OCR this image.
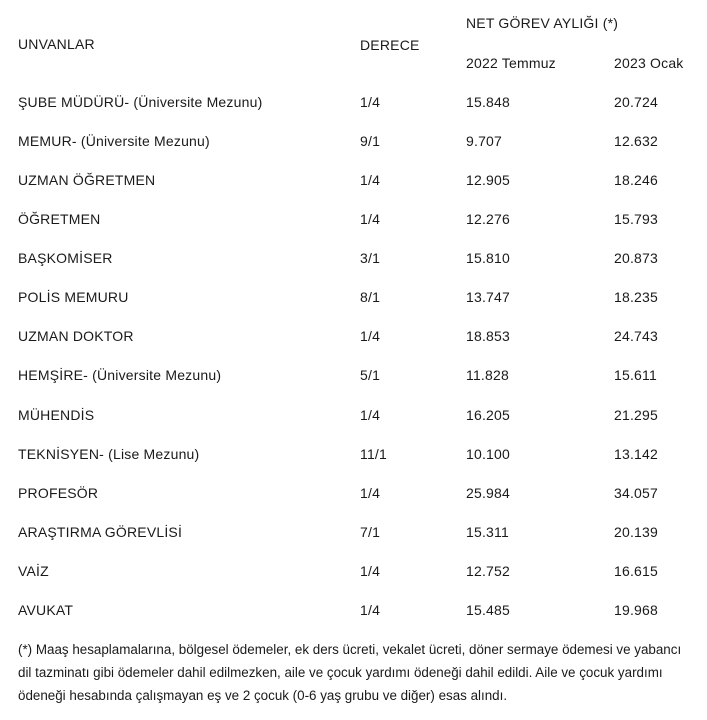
UNVANLAR	DERECE
NET GÖREV AYLIĞI (*)
2022 Temmuz	2023 Ocak
ŞUBE MÜDÜRÜ- (Üniversite Mezunu)	1/4	15.848	20.724
MEMUR- (Üniversite Mezunu)	9/1	9.707	12.632
UZMAN ÖĞRETMEN	1/4	12.905	18.246
ÖĞRETMEN	1/4	12.276	15.793
BAŞKOMİSER	3/1	15.810	20.873
POLİS MEMURU	8/1	13.747	18.235
UZMAN DOKTOR	1/4	18.853	24.743
HEMŞİRE- (Üniversite Mezunu)	5/1	11.828	15.611
MÜHENDİS	1/4	16.205	21.295
TEKNİSYEN- (Lise Mezunu)	11/1	10.100	13.142
PROFESÖR	1/4	25.984	34.057
ARAŞTIRMA GÖREVLİSİ	7/1	15.311	20.139
VAİZ	1/4	12.752	16.615
AVUKAT	1/4	15.485	19.968
(*) Maaş hesaplamalarına, bölgesel ödemeler, ek ders ücreti, vekalet ücreti, döner sermaye ödemesi ve yabancı dil tazminatı gibi ödemeler dahil edilmezken, aile ve çocuk yardımı ödeneği dahil edildi. Aile ve çocuk yardımı ödeneği hesabında çalışmayan eş ve 2 çocuk (0-6 yaş grubu ve diğer) esas alındı.
